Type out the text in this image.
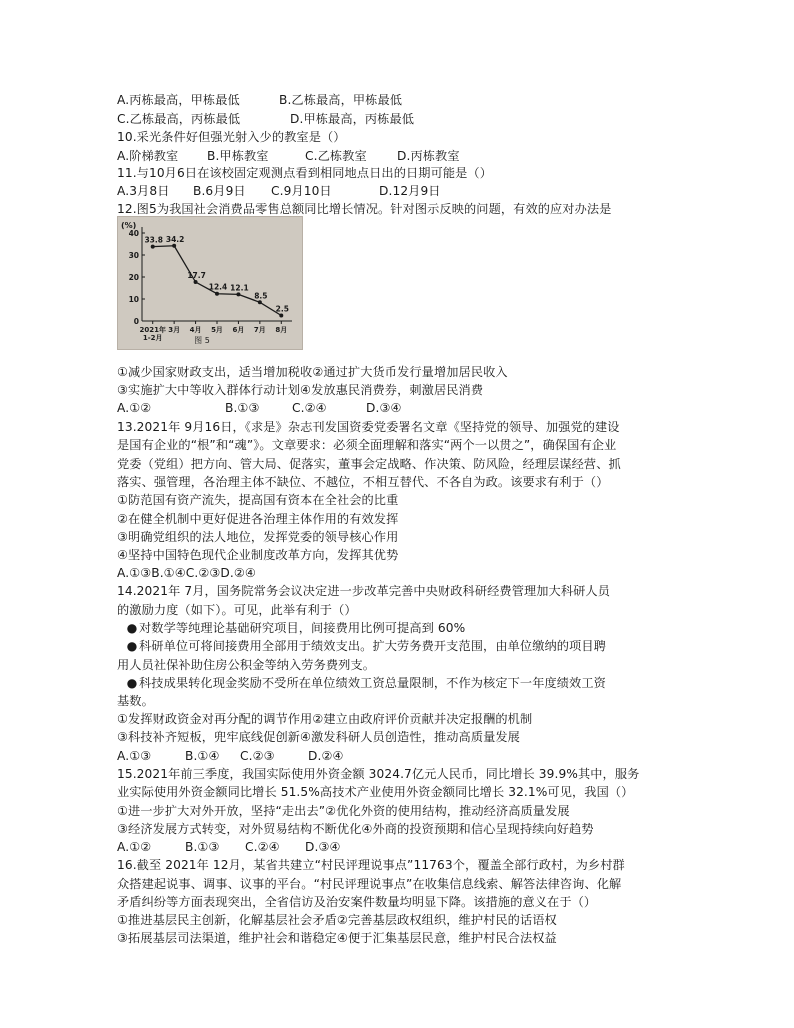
A.丙栋最高，甲栋最低	B.乙栋最高，甲栋最低
C.乙栋最高，丙栋最低	D.甲栋最高，丙栋最低
10.采光条件好但强光射入少的教室是（）
A.阶梯教室 B.甲栋教室	C.乙栋教室 D.丙栋教室
11.与10月6日在该校固定观测点看到相同地点日出的日期可能是（）
A.3月8日 B.6月9日 C.9月10日	D.12月9日
12.图5为我国社会消费品零售总额同比增长情况。针对图示反映的问题，有效的应对办法是
(%)
0
10
20
30
40
33.8 34.2
17.7
12.4 12.1
8.5
2.5
2021年
1-2月
3月 4月 5月 6月 7月 8月
图 5
①减少国家财政支出，适当增加税收②通过扩大货币发行量增加居民收入
③实施扩大中等收入群体行动计划④发放惠民消费券，刺激居民消费
A.①②	B.①③	C.②④	D.③④
13.2021年 9月16日，《求是》杂志刊发国资委党委署名文章《坚持党的领导、加强党的建设
是国有企业的“根”和“魂”》。文章要求：必须全面理解和落实“两个一以贯之”，确保国有企业
党委（党组）把方向、管大局、促落实，董事会定战略、作决策、防风险，经理层谋经营、抓
落实、强管理，各治理主体不缺位、不越位，不相互替代、不各自为政。该要求有利于（）
①防范国有资产流失，提高国有资本在全社会的比重
②在健全机制中更好促进各治理主体作用的有效发挥
③明确党组织的法人地位，发挥党委的领导核心作用
④坚持中国特色现代企业制度改革方向，发挥其优势
A.①③B.①④C.②③D.②④
14.2021年 7月，国务院常务会议决定进一步改革完善中央财政科研经费管理加大科研人员
的激励力度（如下）。可见，此举有利于（）
● 对数学等纯理论基础研究项目，间接费用比例可提高到 60%
● 科研单位可将间接费用全部用于绩效支出。扩大劳务费开支范围，由单位缴纳的项目聘
用人员社保补助住房公积金等纳入劳务费列支。
● 科技成果转化现金奖励不受所在单位绩效工资总量限制，不作为核定下一年度绩效工资
基数。
①发挥财政资金对再分配的调节作用②建立由政府评价贡献并决定报酬的机制
③科技补齐短板，兜牢底线促创新④激发科研人员创造性，推动高质量发展
A.①③	B.①④ C.②③	D.②④
15.2021年前三季度，我国实际使用外资金额 3024.7亿元人民币，同比增长 39.9%其中，服务
业实际使用外资金额同比增长 51.5%高技术产业使用外资金额同比增长 32.1%可见，我国（）
①进一步扩大对外开放，坚持“走出去”②优化外资的使用结构，推动经济高质量发展
③经济发展方式转变，对外贸易结构不断优化④外商的投资预期和信心呈现持续向好趋势
A.①②	B.①③ C.②④ D.③④
16.截至 2021年 12月，某省共建立“村民评理说事点”11763个，覆盖全部行政村，为乡村群
众搭建起说事、调事、议事的平台。“村民评理说事点”在收集信息线索、解答法律咨询、化解
矛盾纠纷等方面表现突出，全省信访及治安案件数量均明显下降。该措施的意义在于（）
①推进基层民主创新，化解基层社会矛盾②完善基层政权组织，维护村民的话语权
③拓展基层司法渠道，维护社会和谐稳定④便于汇集基层民意，维护村民合法权益
